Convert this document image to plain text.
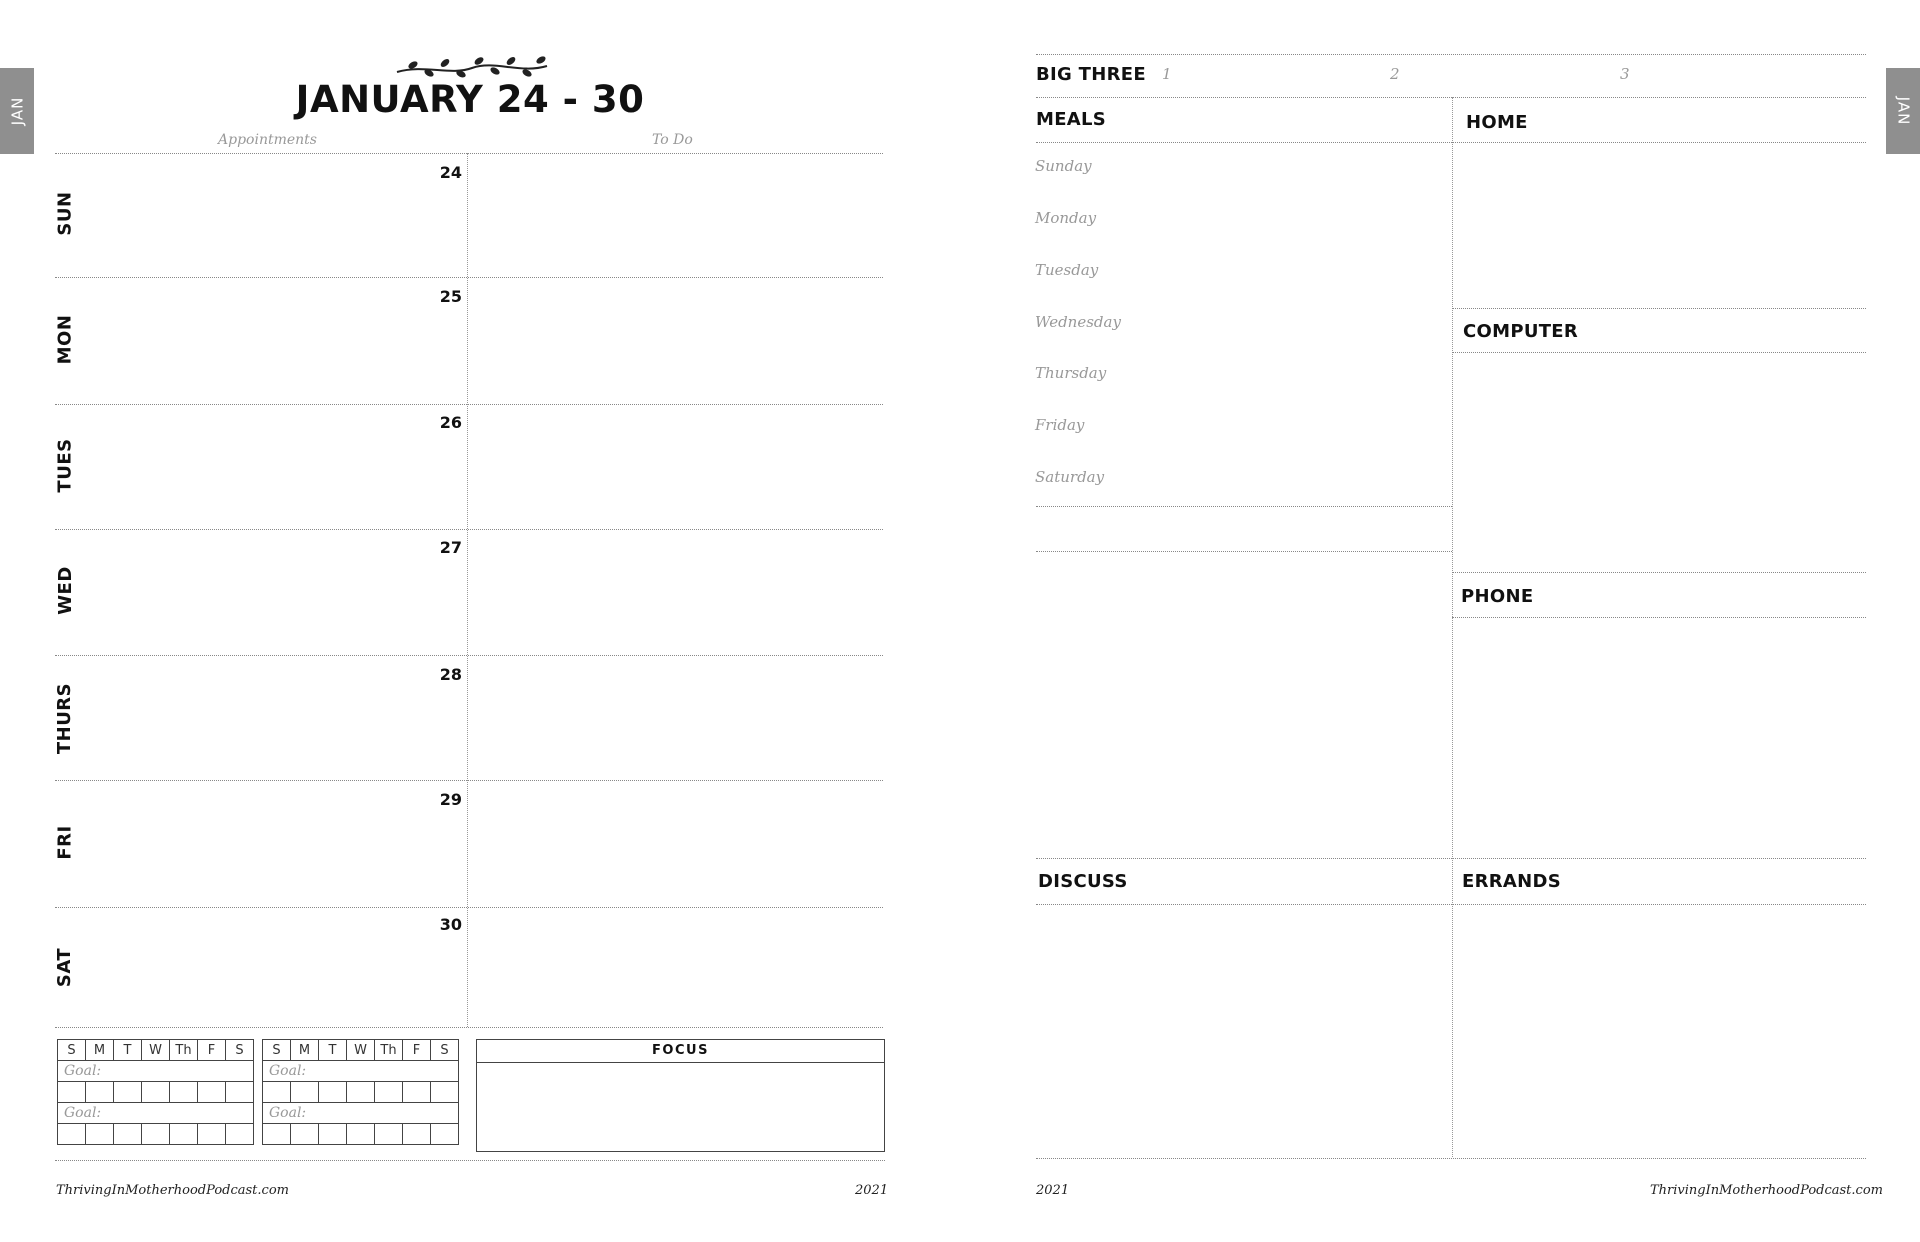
JAN	JAN
JANUARY 24 - 30
Appointments	To Do
SUN
24
MON
25
TUES
26
WED
27
THURS
28
FRI
29
SAT
30
S	M	T	W	Th	F	S
Goal:						

Goal:						

S	M	T	W	Th	F	S
Goal:						

Goal:						

FOCUS
ThrivingInMotherhoodPodcast.com	2021
BIG THREE 1	2	3
MEALS
Sunday
Monday
Tuesday
Wednesday
Thursday
Friday
Saturday
HOME
COMPUTER
PHONE
DISCUSS	ERRANDS
2021	ThrivingInMotherhoodPodcast.com
